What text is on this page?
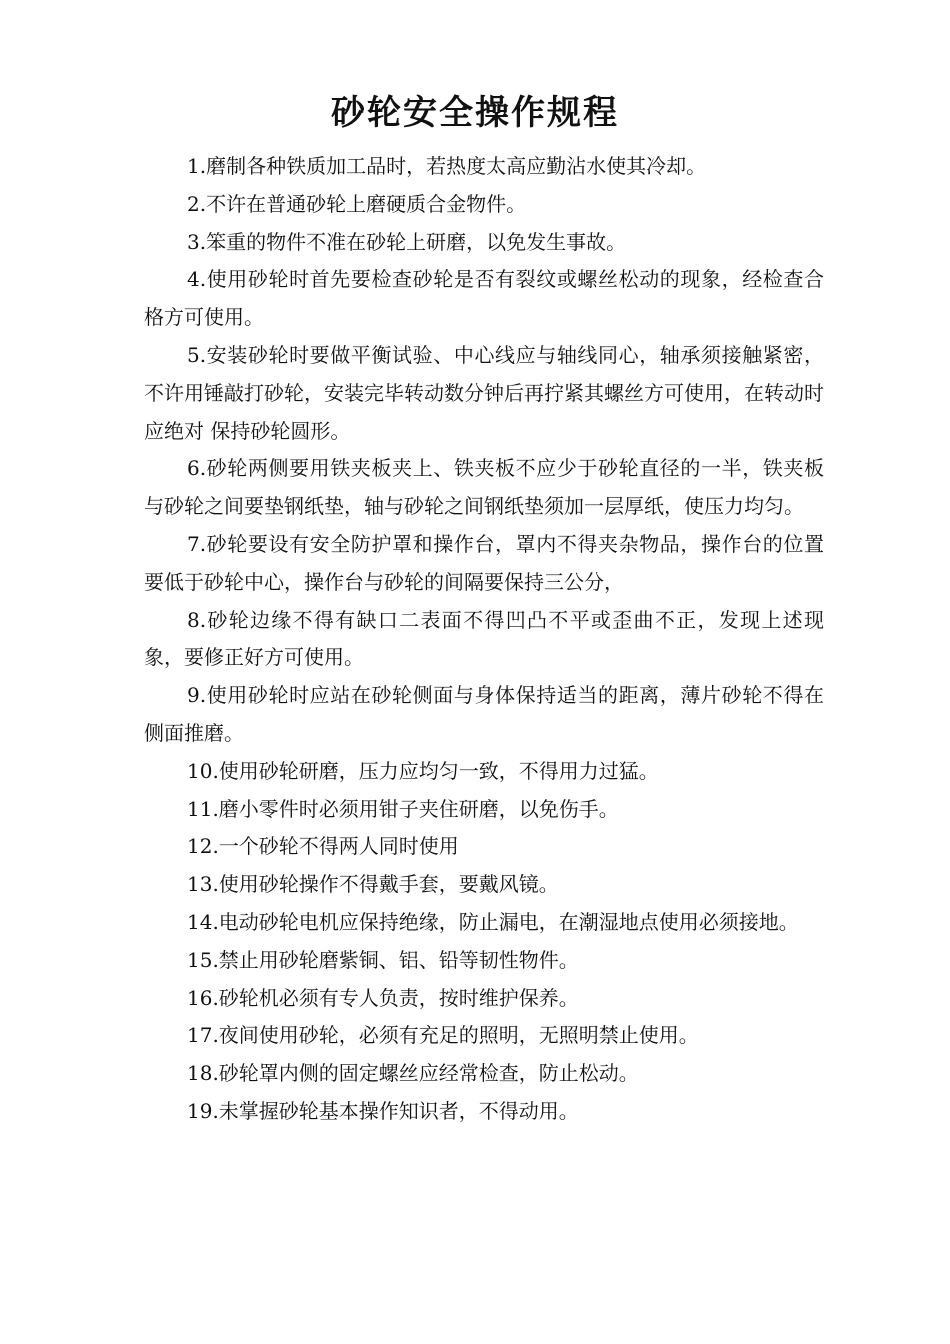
砂轮安全操作规程

1.磨制各种铁质加工品时，若热度太高应勤沾水使其冷却。

2.不许在普通砂轮上磨硬质合金物件。

3.笨重的物件不准在砂轮上研磨，以免发生事故。

4.使用砂轮时首先要检查砂轮是否有裂纹或螺丝松动的现象，经检查合格方可使用。

5.安装砂轮时要做平衡试验、中心线应与轴线同心，轴承须接触紧密，不许用锤敲打砂轮，安装完毕转动数分钟后再拧紧其螺丝方可使用，在转动时应绝对 保持砂轮圆形。

6.砂轮两侧要用铁夹板夹上、铁夹板不应少于砂轮直径的一半，铁夹板与砂轮之间要垫钢纸垫，轴与砂轮之间钢纸垫须加一层厚纸，使压力均匀。

7.砂轮要设有安全防护罩和操作台，罩内不得夹杂物品，操作台的位置要低于砂轮中心，操作台与砂轮的间隔要保持三公分，

8.砂轮边缘不得有缺口二表面不得凹凸不平或歪曲不正，发现上述现象，要修正好方可使用。

9.使用砂轮时应站在砂轮侧面与身体保持适当的距离，薄片砂轮不得在侧面推磨。

10.使用砂轮研磨，压力应均匀一致，不得用力过猛。

11.磨小零件时必须用钳子夹住研磨，以免伤手。

12.一个砂轮不得两人同时使用

13.使用砂轮操作不得戴手套，要戴风镜。

14.电动砂轮电机应保持绝缘，防止漏电，在潮湿地点使用必须接地。

15.禁止用砂轮磨紫铜、铝、铅等韧性物件。

16.砂轮机必须有专人负责，按时维护保养。

17.夜间使用砂轮，必须有充足的照明，无照明禁止使用。

18.砂轮罩内侧的固定螺丝应经常检查，防止松动。

19.未掌握砂轮基本操作知识者，不得动用。
